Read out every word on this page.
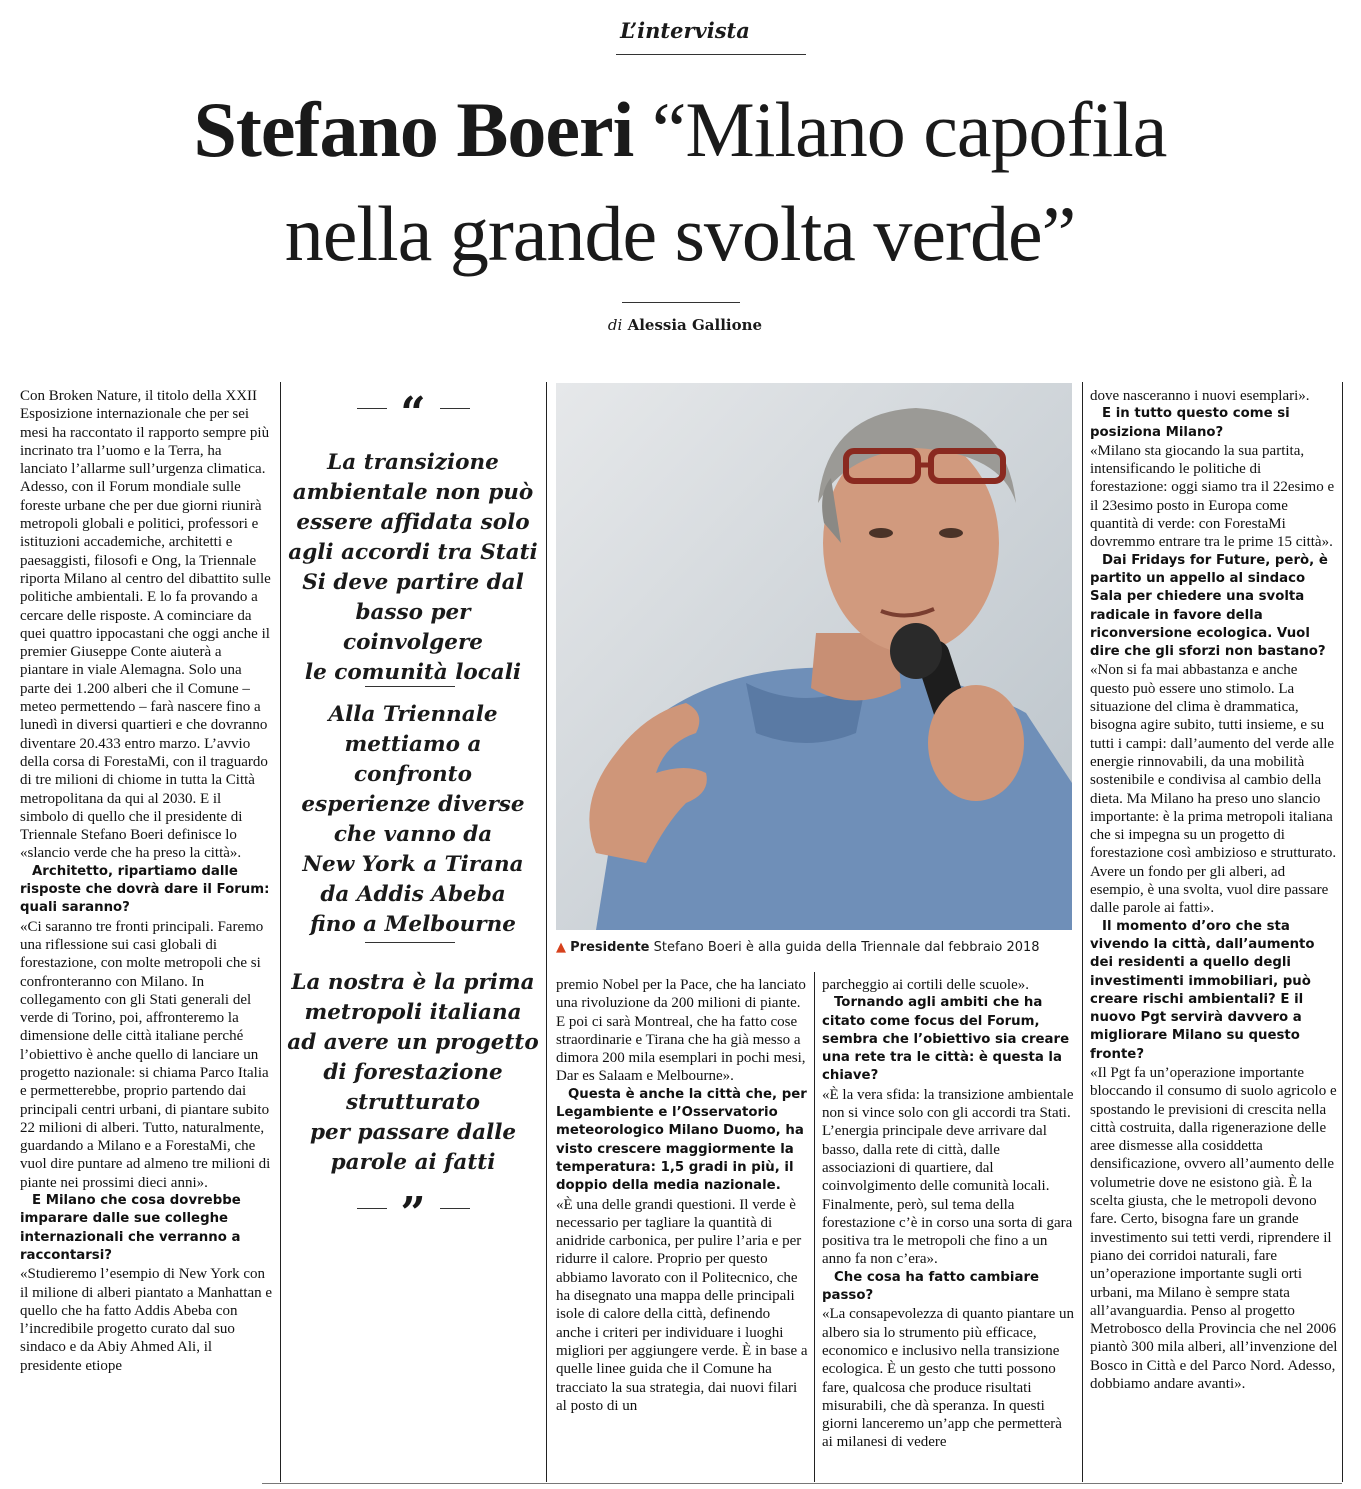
L’intervista
Stefano Boeri “Milano capofila
nella grande svolta verde”
di Alessia Gallione

Con Broken Nature, il titolo della XXII Esposizione internazionale che per sei mesi ha raccontato il rapporto sempre più incrinato tra l’uomo e la Terra, ha lanciato l’allarme sull’urgenza climatica. Adesso, con il Forum mondiale sulle foreste urbane che per due giorni riunirà metropoli globali e politici, professori e istituzioni accademiche, architetti e paesaggisti, filosofi e Ong, la Triennale riporta Milano al centro del dibattito sulle politiche ambientali. E lo fa provando a cercare delle risposte. A cominciare da quei quattro ippocastani che oggi anche il premier Giuseppe Conte aiuterà a piantare in viale Alemagna. Solo una parte dei 1.200 alberi che il Comune – meteo permettendo – farà nascere fino a lunedì in diversi quartieri e che dovranno diventare 20.433 entro marzo. L’avvio della corsa di ForestaMi, con il traguardo di tre milioni di chiome in tutta la Città metropolitana da qui al 2030. E il simbolo di quello che il presidente di Triennale Stefano Boeri definisce lo «slancio verde che ha preso la città».

Architetto, ripartiamo dalle risposte che dovrà dare il Forum: quali saranno?

«Ci saranno tre fronti principali. Faremo una riflessione sui casi globali di forestazione, con molte metropoli che si confronteranno con Milano. In collegamento con gli Stati generali del verde di Torino, poi, affronteremo la dimensione delle città italiane perché l’obiettivo è anche quello di lanciare un progetto nazionale: si chiama Parco Italia e permetterebbe, proprio partendo dai principali centri urbani, di piantare subito 22 milioni di alberi. Tutto, naturalmente, guardando a Milano e a ForestaMi, che vuol dire puntare ad almeno tre milioni di piante nei prossimi dieci anni».

E Milano che cosa dovrebbe imparare dalle sue colleghe internazionali che verranno a raccontarsi?

«Studieremo l’esempio di New York con il milione di alberi piantato a Manhattan e quello che ha fatto Addis Abeba con l’incredibile progetto curato dal suo sindaco e da Abiy Ahmed Ali, il presidente etiope

“
La transizione
ambientale non può
essere affidata solo
agli accordi tra Stati
Si deve partire dal
basso per coinvolgere
le comunità locali
Alla Triennale
mettiamo a confronto
esperienze diverse
che vanno da
New York a Tirana
da Addis Abeba
fino a Melbourne
La nostra è la prima
metropoli italiana
ad avere un progetto
di forestazione
strutturato
per passare dalle
parole ai fatti
”
▲ Presidente Stefano Boeri è alla guida della Triennale dal febbraio 2018

premio Nobel per la Pace, che ha lanciato una rivoluzione da 200 milioni di piante. E poi ci sarà Montreal, che ha fatto cose straordinarie e Tirana che ha già messo a dimora 200 mila esemplari in pochi mesi, Dar es Salaam e Melbourne».

Questa è anche la città che, per Legambiente e l’Osservatorio meteorologico Milano Duomo, ha visto crescere maggiormente la temperatura: 1,5 gradi in più, il doppio della media nazionale.

«È una delle grandi questioni. Il verde è necessario per tagliare la quantità di anidride carbonica, per pulire l’aria e per ridurre il calore. Proprio per questo abbiamo lavorato con il Politecnico, che ha disegnato una mappa delle principali isole di calore della città, definendo anche i criteri per individuare i luoghi migliori per aggiungere verde. È in base a quelle linee guida che il Comune ha tracciato la sua strategia, dai nuovi filari al posto di un

parcheggio ai cortili delle scuole».

Tornando agli ambiti che ha citato come focus del Forum, sembra che l’obiettivo sia creare una rete tra le città: è questa la chiave?

«È la vera sfida: la transizione ambientale non si vince solo con gli accordi tra Stati. L’energia principale deve arrivare dal basso, dalla rete di città, dalle associazioni di quartiere, dal coinvolgimento delle comunità locali. Finalmente, però, sul tema della forestazione c’è in corso una sorta di gara positiva tra le metropoli che fino a un anno fa non c’era».

Che cosa ha fatto cambiare passo?

«La consapevolezza di quanto piantare un albero sia lo strumento più efficace, economico e inclusivo nella transizione ecologica. È un gesto che tutti possono fare, qualcosa che produce risultati misurabili, che dà speranza. In questi giorni lanceremo un’app che permetterà ai milanesi di vedere

dove nasceranno i nuovi esemplari».

E in tutto questo come si posiziona Milano?

«Milano sta giocando la sua partita, intensificando le politiche di forestazione: oggi siamo tra il 22esimo e il 23esimo posto in Europa come quantità di verde: con ForestaMi dovremmo entrare tra le prime 15 città».

Dai Fridays for Future, però, è partito un appello al sindaco Sala per chiedere una svolta radicale in favore della riconversione ecologica. Vuol dire che gli sforzi non bastano?

«Non si fa mai abbastanza e anche questo può essere uno stimolo. La situazione del clima è drammatica, bisogna agire subito, tutti insieme, e su tutti i campi: dall’aumento del verde alle energie rinnovabili, da una mobilità sostenibile e condivisa al cambio della dieta. Ma Milano ha preso uno slancio importante: è la prima metropoli italiana che si impegna su un progetto di forestazione così ambizioso e strutturato. Avere un fondo per gli alberi, ad esempio, è una svolta, vuol dire passare dalle parole ai fatti».

Il momento d’oro che sta vivendo la città, dall’aumento dei residenti a quello degli investimenti immobiliari, può creare rischi ambientali? E il nuovo Pgt servirà davvero a migliorare Milano su questo fronte?

«Il Pgt fa un’operazione importante bloccando il consumo di suolo agricolo e spostando le previsioni di crescita nella città costruita, dalla rigenerazione delle aree dismesse alla cosiddetta densificazione, ovvero all’aumento delle volumetrie dove ne esistono già. È la scelta giusta, che le metropoli devono fare. Certo, bisogna fare un grande investimento sui tetti verdi, riprendere il piano dei corridoi naturali, fare un’operazione importante sugli orti urbani, ma Milano è sempre stata all’avanguardia. Penso al progetto Metrobosco della Provincia che nel 2006 piantò 300 mila alberi, all’invenzione del Bosco in Città e del Parco Nord. Adesso, dobbiamo andare avanti».
